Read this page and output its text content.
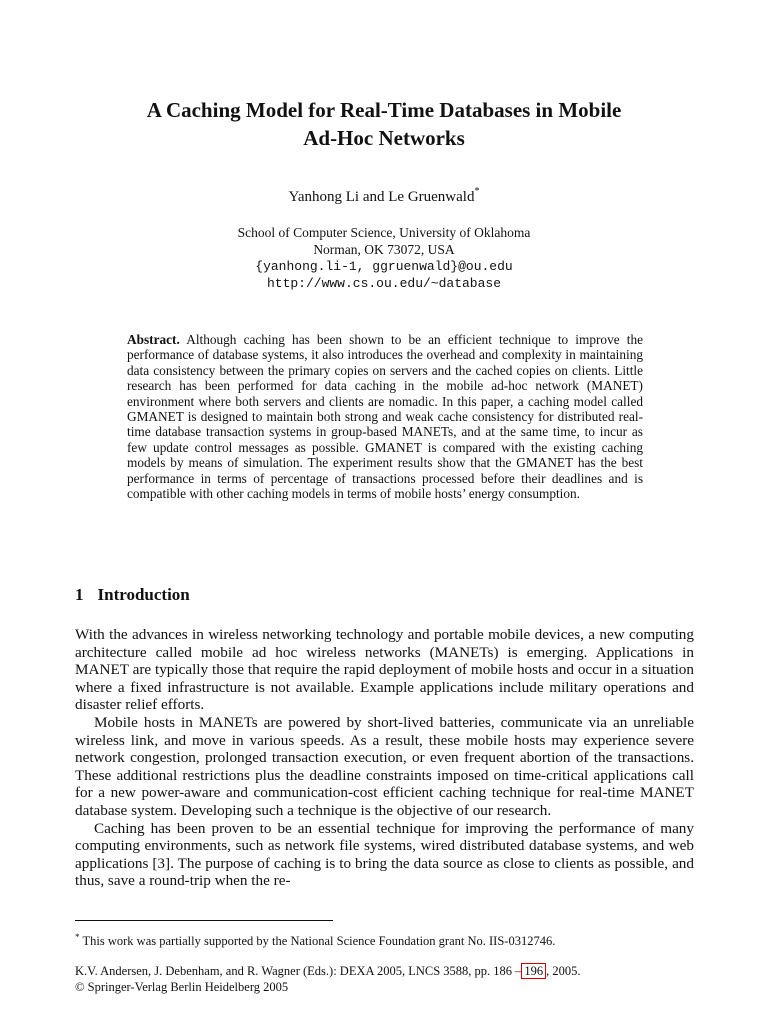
A Caching Model for Real-Time Databases in Mobile
Ad-Hoc Networks
Yanhong Li and Le Gruenwald*
School of Computer Science, University of Oklahoma
Norman, OK 73072, USA
{yanhong.li-1, ggruenwald}@ou.edu
http://www.cs.ou.edu/~database
Abstract. Although caching has been shown to be an efficient technique to improve the performance of database systems, it also introduces the overhead and complexity in maintaining data consistency between the primary copies on servers and the cached copies on clients. Little research has been performed for data caching in the mobile ad-hoc network (MANET) environment where both servers and clients are nomadic. In this paper, a caching model called GMANET is designed to maintain both strong and weak cache consistency for distributed real-time database transaction systems in group-based MANETs, and at the same time, to incur as few update control messages as possible. GMANET is compared with the existing caching models by means of simulation. The experiment results show that the GMANET has the best performance in terms of percentage of transactions processed before their deadlines and is compatible with other caching models in terms of mobile hosts’ energy consumption.
1 Introduction

With the advances in wireless networking technology and portable mobile devices, a new computing architecture called mobile ad hoc wireless networks (MANETs) is emerging. Applications in MANET are typically those that require the rapid deployment of mobile hosts and occur in a situation where a fixed infrastructure is not available. Example applications include military operations and disaster relief efforts.

Mobile hosts in MANETs are powered by short-lived batteries, communicate via an unreliable wireless link, and move in various speeds. As a result, these mobile hosts may experience severe network congestion, prolonged transaction execution, or even frequent abortion of the transactions. These additional restrictions plus the deadline constraints imposed on time-critical applications call for a new power-aware and communication-cost efficient caching technique for real-time MANET database system. Developing such a technique is the objective of our research.

Caching has been proven to be an essential technique for improving the performance of many computing environments, such as network file systems, wired distributed database systems, and web applications [3]. The purpose of caching is to bring the data source as close to clients as possible, and thus, save a round-trip when the re-

* This work was partially supported by the National Science Foundation grant No. IIS-0312746.
K.V. Andersen, J. Debenham, and R. Wagner (Eds.): DEXA 2005, LNCS 3588, pp. 186 – 196 , 2005.
© Springer-Verlag Berlin Heidelberg 2005
